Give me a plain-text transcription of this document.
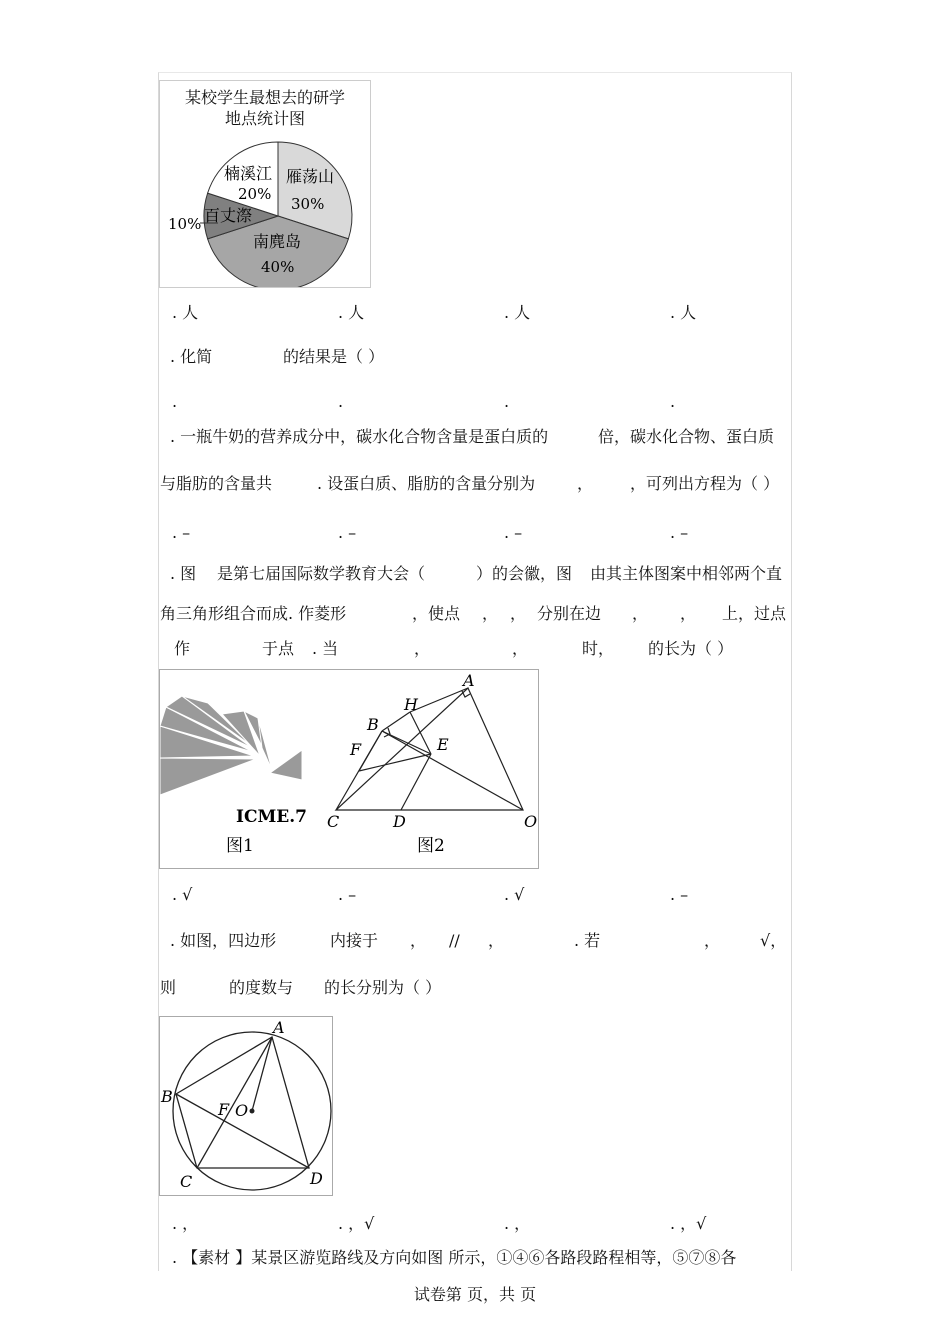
某校学生最想去的研学
地点统计图
雁荡山
30%
南麂岛
40%
百丈漈
10%
楠溪江
20%
. 人	. 人	. 人	. 人
. 化简	的结果是（ ）
.	.	.	.
. 一瓶牛奶的营养成分中，碳水化合物含量是蛋白质的	倍，碳水化合物、蛋白质
与脂肪的含量共	. 设蛋白质、脂肪的含量分别为	， ，可列出方程为（ ）
. –	. –	. –	. –
. 图 是第七届国际数学教育大会（	）的会徽，图 由其主体图案中相邻两个直
角三角形组合而成. 作菱形	，使点 ， ， 分别在边 ， ， 上，过点
作	于点 . 当	，	，	时， 的长为（ ）
ICME.7
图1	图2
A
H
B
E
F
C	D	O
. √	. –	. √	. –
. 如图，四边形	内接于 ， // ，	. 若	， √，
则	的度数与 的长分别为（ ）
A
B
F O
C	D
. ，	. ，√	. ，	. ，√
. 【素材 】某景区游览路线及方向如图 所示，①④⑥各路段路程相等，⑤⑦⑧各
试卷第 页，共 页
